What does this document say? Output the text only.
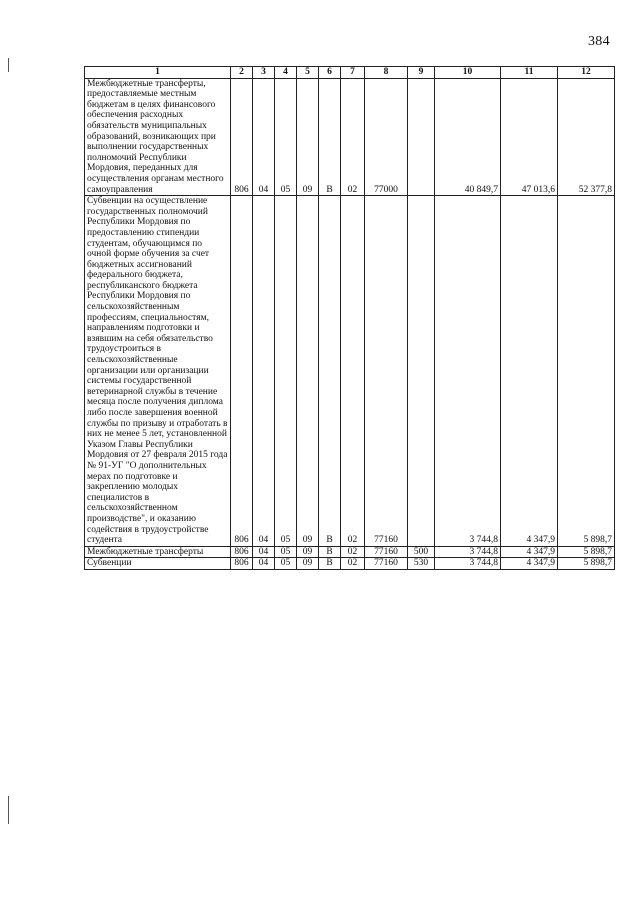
384
1	2	3	4	5	6	7	8	9	10	11	12
Межбюджетные трансферты, предоставляемые местным бюджетам в целях финансового обеспечения расходных обязательств муниципальных образований, возникающих при выполнении государственных полномочий Республики Мордовия, переданных для осуществления органам местного самоуправления	806	04	05	09	В	02	77000		40 849,7	47 013,6	52 377,8
Субвенции на осуществление государственных полномочий Республики Мордовия по предоставлению стипендии студентам, обучающимся по очной форме обучения за счет бюджетных ассигнований федерального бюджета, республиканского бюджета Республики Мордовия по сельскохозяйственным профессиям, специальностям, направлениям подготовки и взявшим на себя обязательство трудоустроиться в сельскохозяйственные организации или организации системы государственной ветеринарной службы в течение месяца после получения диплома либо после завершения военной службы по призыву и отработать в них не менее 5 лет, установленной Указом Главы Республики Мордовия от 27 февраля 2015 года № 91-УГ "О дополнительных мерах по подготовке и закреплению молодых специалистов в сельскохозяйственном производстве", и оказанию содействия в трудоустройстве студента	806	04	05	09	В	02	77160		3 744,8	4 347,9	5 898,7
Межбюджетные трансферты	806	04	05	09	В	02	77160	500	3 744,8	4 347,9	5 898,7
Субвенции	806	04	05	09	В	02	77160	530	3 744,8	4 347,9	5 898,7
